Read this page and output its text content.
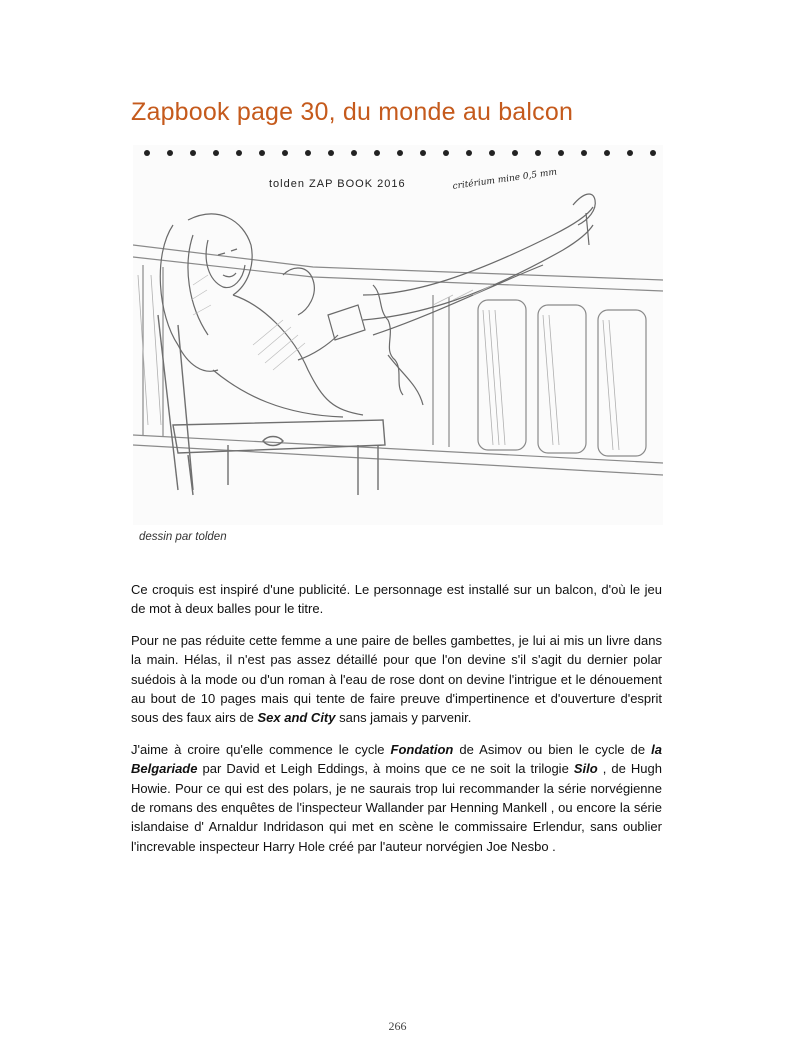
Zapbook page 30, du monde au balcon
tolden ZAP BOOK 2016	critérium mine 0,5 mm
dessin par tolden

Ce croquis est inspiré d'une publicité. Le personnage est installé sur un balcon, d'où le jeu de mot à deux balles pour le titre.

Pour ne pas réduite cette femme a une paire de belles gambettes, je lui ai mis un livre dans la main. Hélas, il n'est pas assez détaillé pour que l'on devine s'il s'agit du dernier polar suédois à la mode ou d'un roman à l'eau de rose dont on devine l'intrigue et le dénouement au bout de 10 pages mais qui tente de faire preuve d'impertinence et d'ouverture d'esprit sous des faux airs de Sex and City sans jamais y parvenir.

J'aime à croire qu'elle commence le cycle Fondation de Asimov ou bien le cycle de la Belgariade par David et Leigh Eddings, à moins que ce ne soit la trilogie Silo , de Hugh Howie. Pour ce qui est des polars, je ne saurais trop lui recommander la série norvégienne de romans des enquêtes de l'inspecteur Wallander par Henning Mankell , ou encore la série islandaise d' Arnaldur Indridason qui met en scène le commissaire Erlendur, sans oublier l'increvable inspecteur Harry Hole créé par l'auteur norvégien Joe Nesbo .

266
